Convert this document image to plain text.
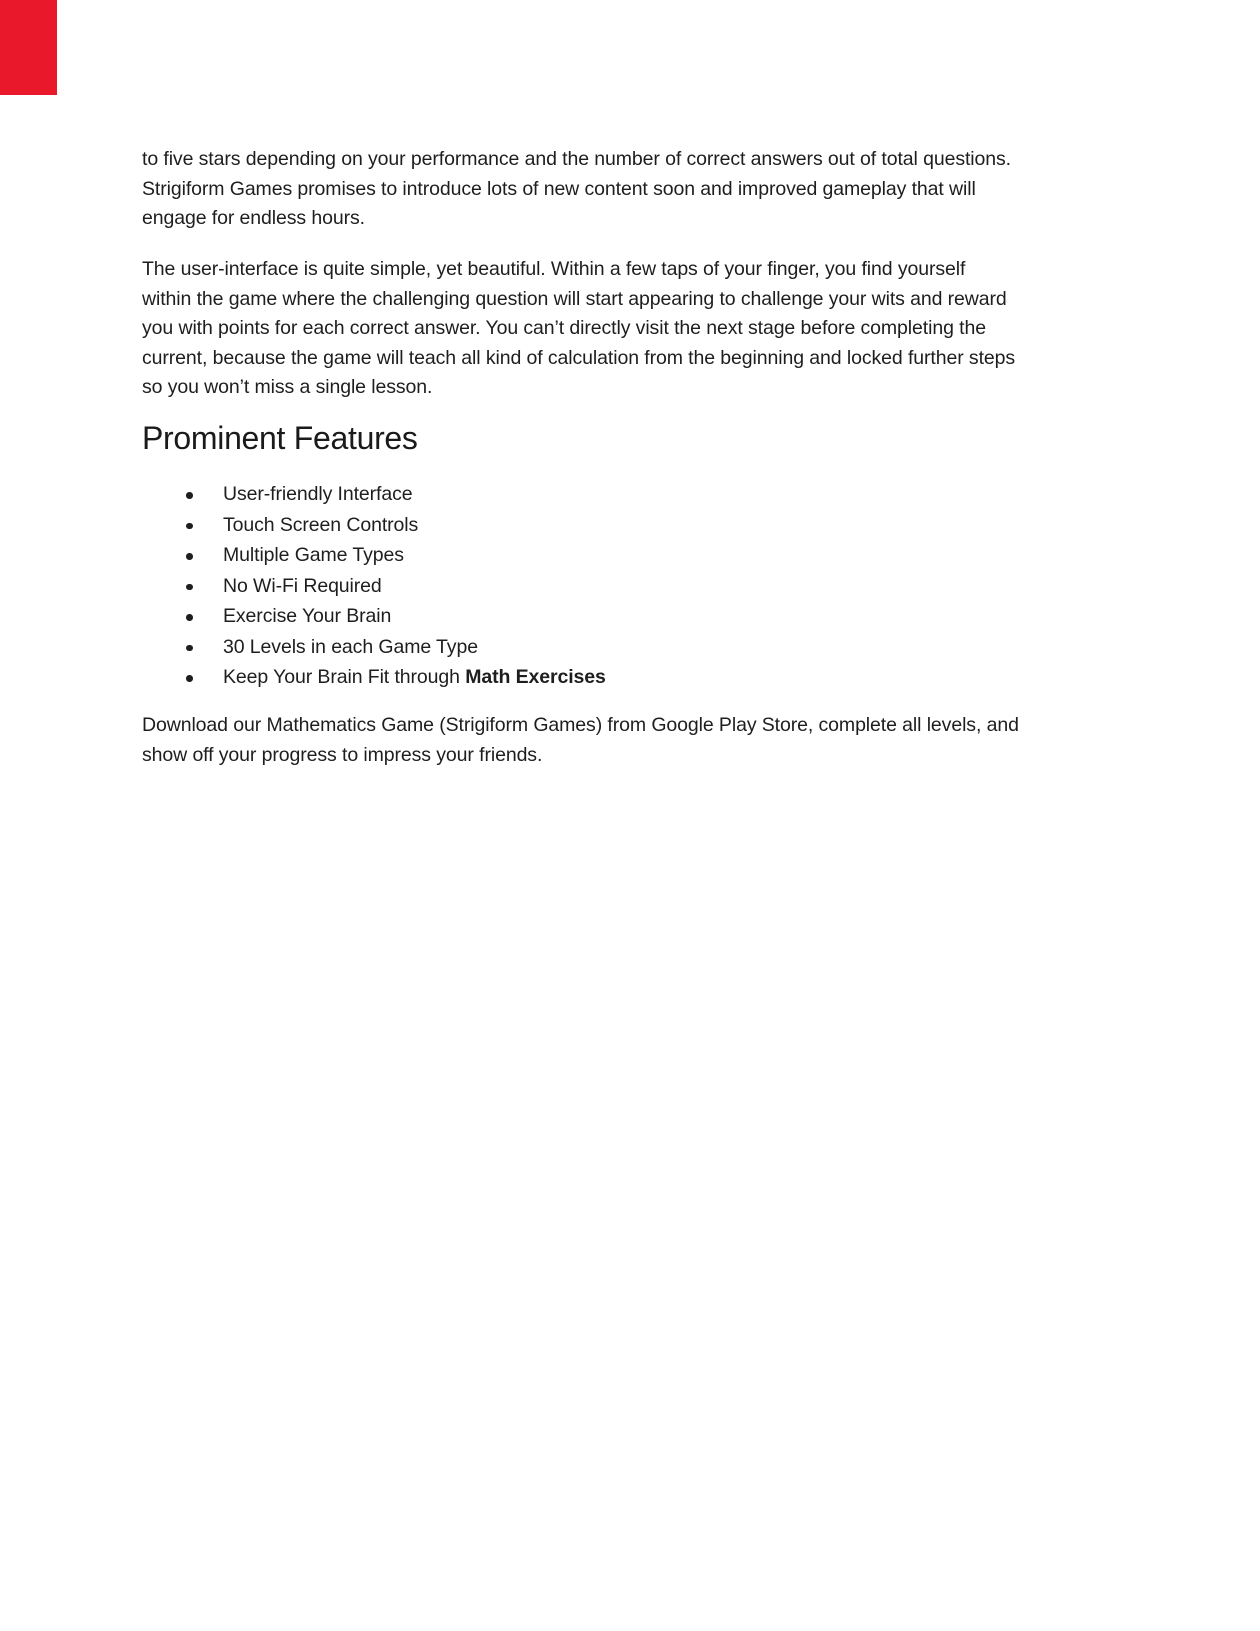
to five stars depending on your performance and the number of correct answers out of total questions.
Strigiform Games promises to introduce lots of new content soon and improved gameplay that will
engage for endless hours.

The user-interface is quite simple, yet beautiful. Within a few taps of your finger, you find yourself
within the game where the challenging question will start appearing to challenge your wits and reward
you with points for each correct answer. You can’t directly visit the next stage before completing the
current, because the game will teach all kind of calculation from the beginning and locked further steps
so you won’t miss a single lesson.

Prominent Features
User-friendly Interface
Touch Screen Controls
Multiple Game Types
No Wi-Fi Required
Exercise Your Brain
30 Levels in each Game Type
Keep Your Brain Fit through Math Exercises

Download our Mathematics Game (Strigiform Games) from Google Play Store, complete all levels, and
show off your progress to impress your friends.
